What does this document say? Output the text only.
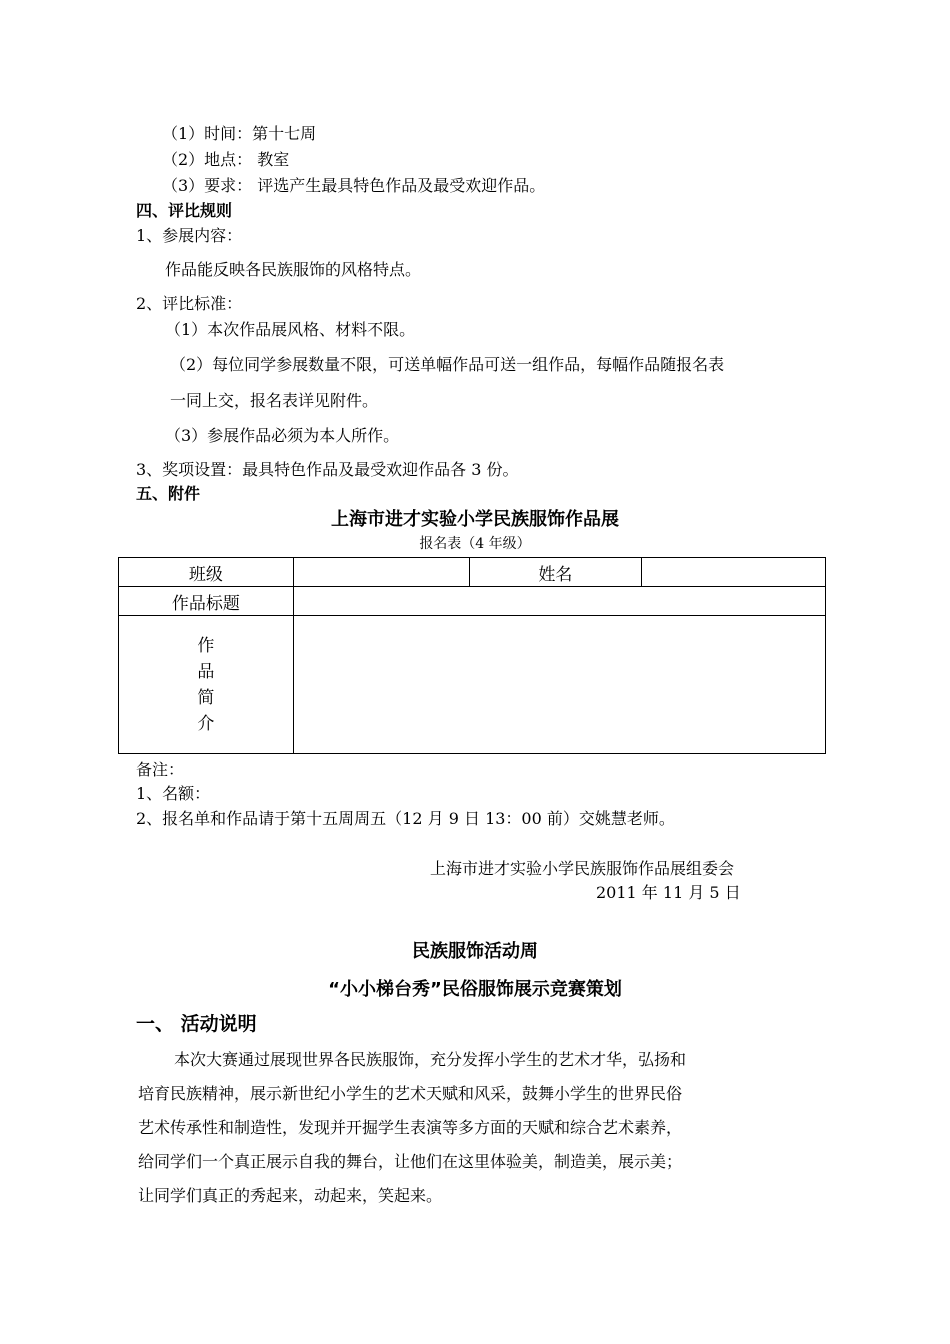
（1）时间：第十七周
（2）地点： 教室
（3）要求： 评选产生最具特色作品及最受欢迎作品。
四、评比规则
1、参展内容：
作品能反映各民族服饰的风格特点。
2、评比标准：
（1）本次作品展风格、材料不限。
（2）每位同学参展数量不限，可送单幅作品可送一组作品，每幅作品随报名表
一同上交，报名表详见附件。
（3）参展作品必须为本人所作。
3、奖项设置：最具特色作品及最受欢迎作品各 3 份。
五、附件
上海市进才实验小学民族服饰作品展
报名表（4 年级）
班级		姓名	
作品标题			

作
品
简
介			

备注：
1、名额：
2、报名单和作品请于第十五周周五（12 月 9 日 13：00 前）交姚慧老师。
上海市进才实验小学民族服饰作品展组委会
2011 年 11 月 5 日
民族服饰活动周
“小小梯台秀”民俗服饰展示竞赛策划
一、 活动说明
本次大赛通过展现世界各民族服饰，充分发挥小学生的艺术才华，弘扬和
培育民族精神，展示新世纪小学生的艺术天赋和风采，鼓舞小学生的世界民俗
艺术传承性和制造性，发现并开掘学生表演等多方面的天赋和综合艺术素养，
给同学们一个真正展示自我的舞台，让他们在这里体验美，制造美，展示美；
让同学们真正的秀起来，动起来，笑起来。
